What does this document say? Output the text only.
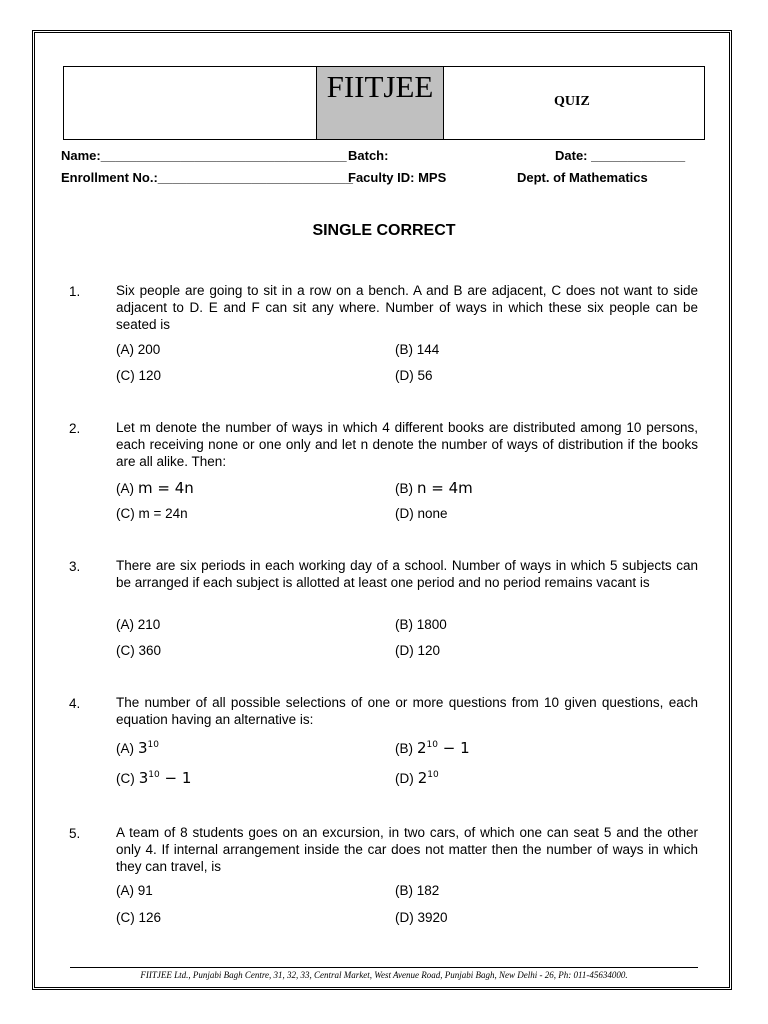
FIITJEE	QUIZ
Name:__________________________________ Batch:	Date: _____________
Enrollment No.:___________________________
Faculty ID: MPS	Dept. of Mathematics
SINGLE CORRECT
1.	Six people are going to sit in a row on a bench. A and B are adjacent, C does not want to side adjacent to D. E and F can sit any where. Number of ways in which these six people can be seated is
(A) 200	(B) 144
(C) 120	(D) 56
2.	Let m denote the number of ways in which 4 different books are distributed among 10 persons, each receiving none or one only and let n denote the number of ways of distribution if the books are all alike. Then:
(A) m = 4n	(B) n = 4m
(C) m = 24n	(D) none
3.	There are six periods in each working day of a school. Number of ways in which 5 subjects can be arranged if each subject is allotted at least one period and no period remains vacant is
(A) 210	(B) 1800
(C) 360	(D) 120
4.	The number of all possible selections of one or more questions from 10 given questions, each equation having an alternative is:
(A) $3^{10}$	(B) $2^{10} - 1$
(C) $3^{10} - 1$	(D) $2^{10}$
5.	A team of 8 students goes on an excursion, in two cars, of which one can seat 5 and the other only 4. If internal arrangement inside the car does not matter then the number of ways in which they can travel, is
(A) 91	(B) 182
(C) 126	(D) 3920
FIITJEE Ltd., Punjabi Bagh Centre, 31, 32, 33, Central Market, West Avenue Road, Punjabi Bagh, New Delhi - 26, Ph: 011-45634000.
